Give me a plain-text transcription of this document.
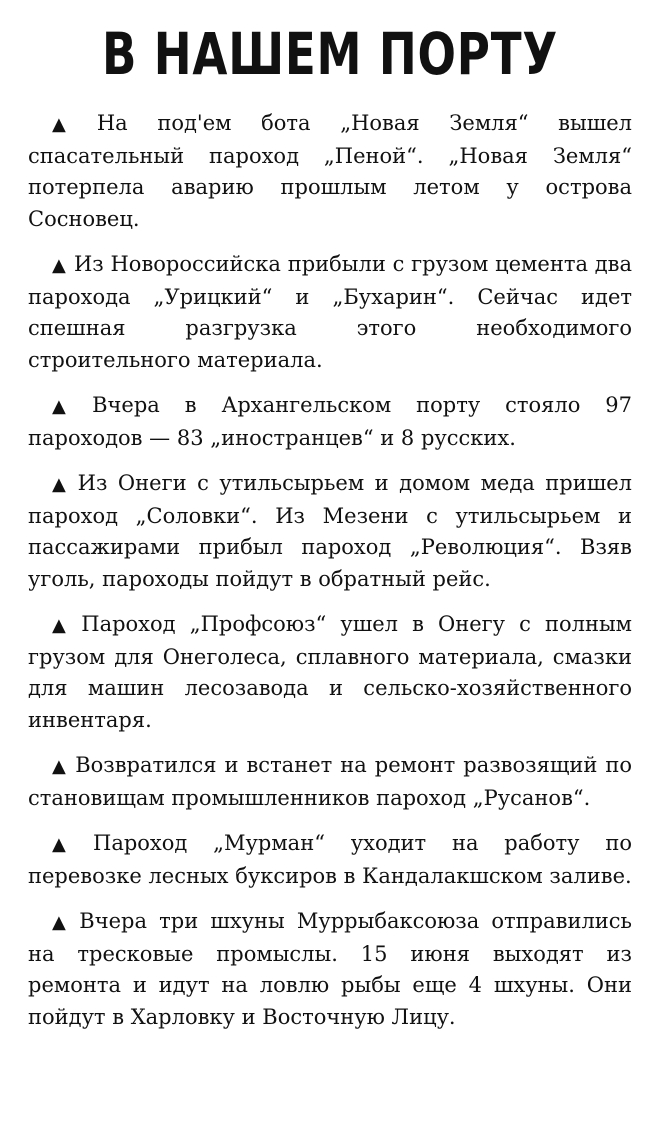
В НАШЕМ ПОРТУ

▲ На под'ем бота „Новая Земля“ вышел спасательный пароход „Пеной“. „Новая Земля“ потерпела аварию прошлым летом у острова Сосновец.

▲ Из Новороссийска прибыли с грузом цемента два парохода „Урицкий“ и „Бухарин“. Сейчас идет спешная разгрузка этого необходимого строительного материала.

▲ Вчера в Архангельском порту стояло 97 пароходов — 83 „иностранцев“ и 8 русских.

▲ Из Онеги с утильсырьем и домом меда пришел пароход „Соловки“. Из Мезени с утильсырьем и пассажирами прибыл пароход „Революция“. Взяв уголь, пароходы пойдут в обратный рейс.

▲ Пароход „Профсоюз“ ушел в Онегу с полным грузом для Онеголеса, сплавного материала, смазки для машин лесозавода и сельско-хозяйственного инвентаря.

▲ Возвратился и встанет на ремонт развозящий по становищам промышленников пароход „Русанов“.

▲ Пароход „Мурман“ уходит на работу по перевозке лесных буксиров в Кандалакшском заливе.

▲ Вчера три шхуны Муррыбаксоюза отправились на тресковые промыслы. 15 июня выходят из ремонта и идут на ловлю рыбы еще 4 шхуны. Они пойдут в Харловку и Восточную Лицу.
